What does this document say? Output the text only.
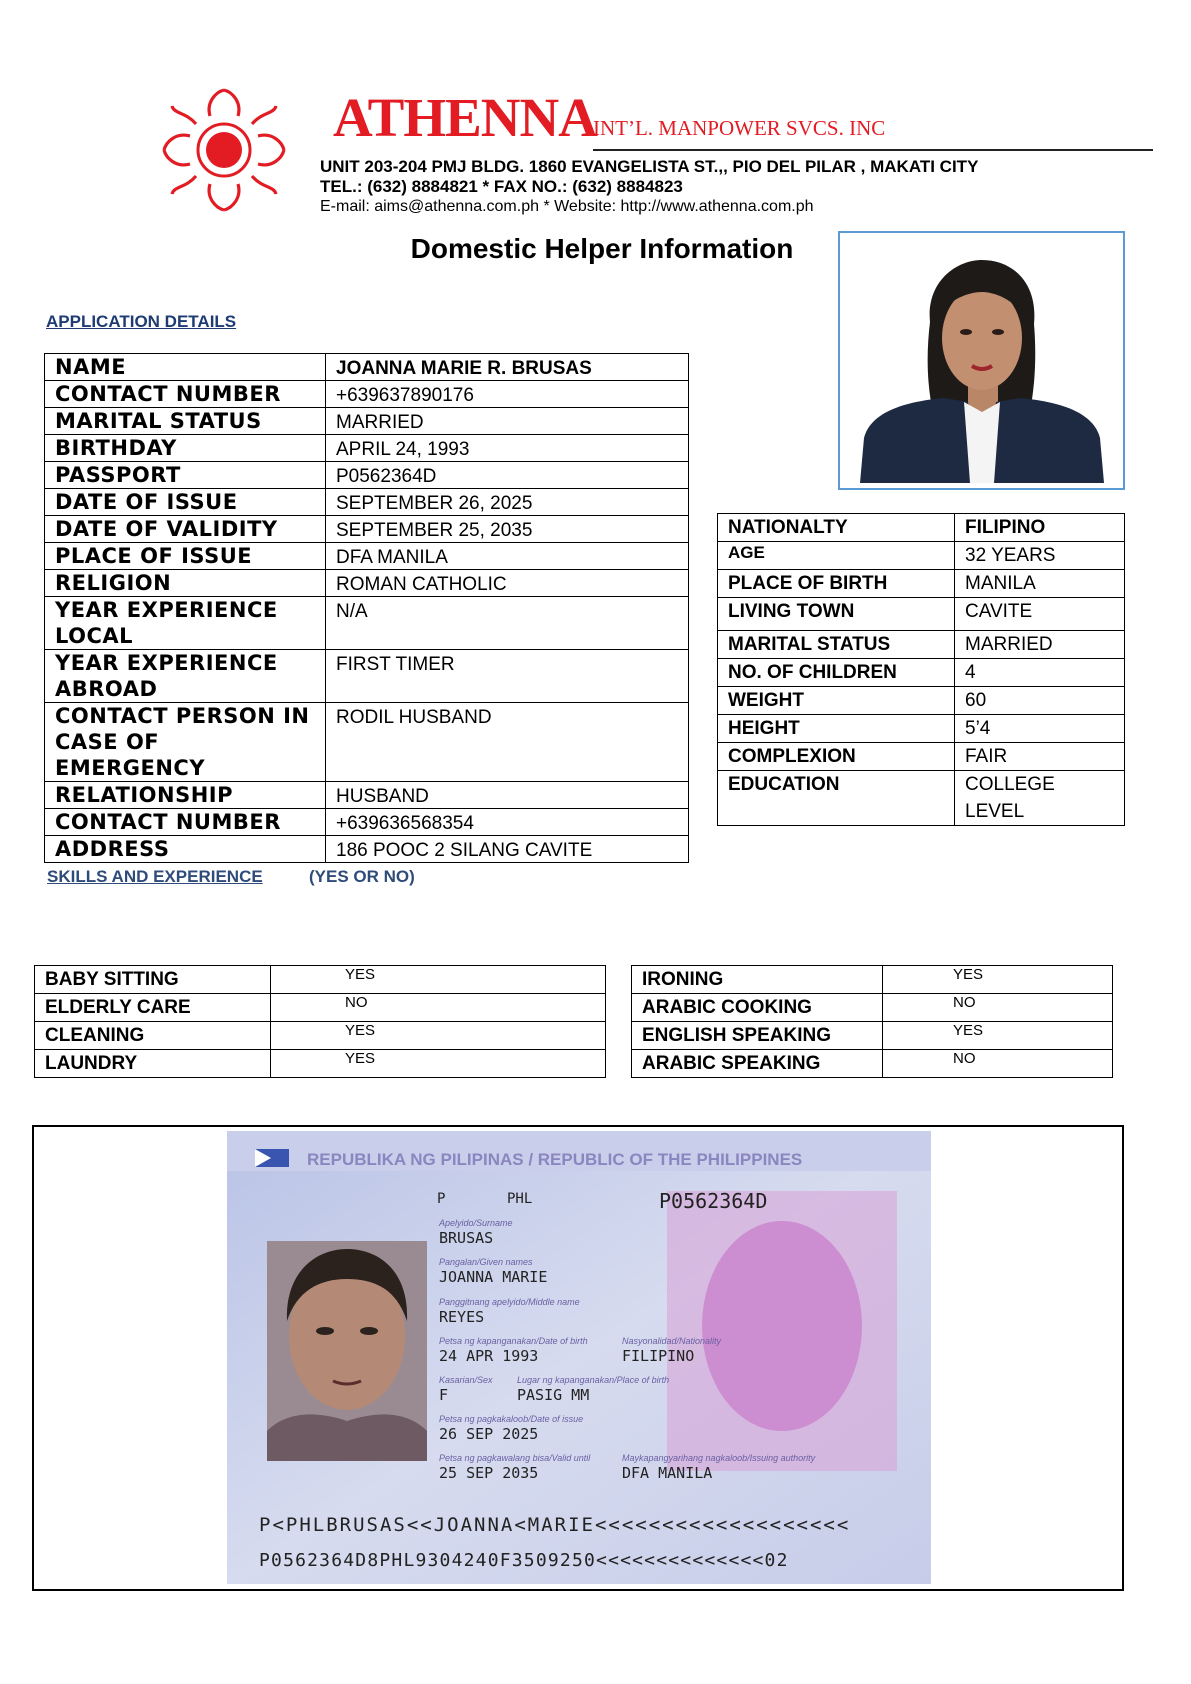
ATHENNA
INT’L. MANPOWER SVCS. INC
UNIT 203-204 PMJ BLDG. 1860 EVANGELISTA ST.,, PIO DEL PILAR , MAKATI CITY
TEL.: (632) 8884821 * FAX NO.: (632) 8884823
E-mail: aims@athenna.com.ph * Website: http://www.athenna.com.ph
Domestic Helper Information
APPLICATION DETAILS
NAME	JOANNA MARIE R. BRUSAS
CONTACT NUMBER	+639637890176
MARITAL STATUS	MARRIED
BIRTHDAY	APRIL 24, 1993
PASSPORT	P0562364D
DATE OF ISSUE	SEPTEMBER 26, 2025
DATE OF VALIDITY	SEPTEMBER 25, 2035
PLACE OF ISSUE	DFA MANILA
RELIGION	ROMAN CATHOLIC
YEAR EXPERIENCE LOCAL	N/A
YEAR EXPERIENCE ABROAD	FIRST TIMER
CONTACT PERSON IN CASE OF EMERGENCY	RODIL HUSBAND
RELATIONSHIP	HUSBAND
CONTACT NUMBER	+639636568354
ADDRESS	186 POOC 2 SILANG CAVITE
NATIONALTY	FILIPINO
AGE	32 YEARS
PLACE OF BIRTH	MANILA
LIVING TOWN	CAVITE
MARITAL STATUS	MARRIED
NO. OF CHILDREN	4
WEIGHT	60
HEIGHT	5’4
COMPLEXION	FAIR
EDUCATION	COLLEGE LEVEL
SKILLS AND EXPERIENCE	(YES OR NO)
BABY SITTING	YES
ELDERLY CARE	NO
CLEANING	YES
LAUNDRY	YES
IRONING	YES
ARABIC COOKING	NO
ENGLISH SPEAKING	YES
ARABIC SPEAKING	NO
REPUBLIKA NG PILIPINAS / REPUBLIC OF THE PHILIPPINES
P	PHL	P0562364D
Apelyido/Surname
BRUSAS
Pangalan/Given names
JOANNA MARIE
Panggitnang apelyido/Middle name
REYES
Petsa ng kapanganakan/Date of birth
24 APR 1993
Nasyonalidad/Nationality
FILIPINO
Kasarian/Sex
F
Lugar ng kapanganakan/Place of birth
PASIG MM
Petsa ng pagkakaloob/Date of issue
26 SEP 2025
Petsa ng pagkawalang bisa/Valid until
25 SEP 2035
Maykapangyarihang nagkaloob/Issuing authority
DFA MANILA
P<PHLBRUSAS<<JOANNA<MARIE<<<<<<<<<<<<<<<<<<<
P0562364D8PHL9304240F3509250<<<<<<<<<<<<<<02
